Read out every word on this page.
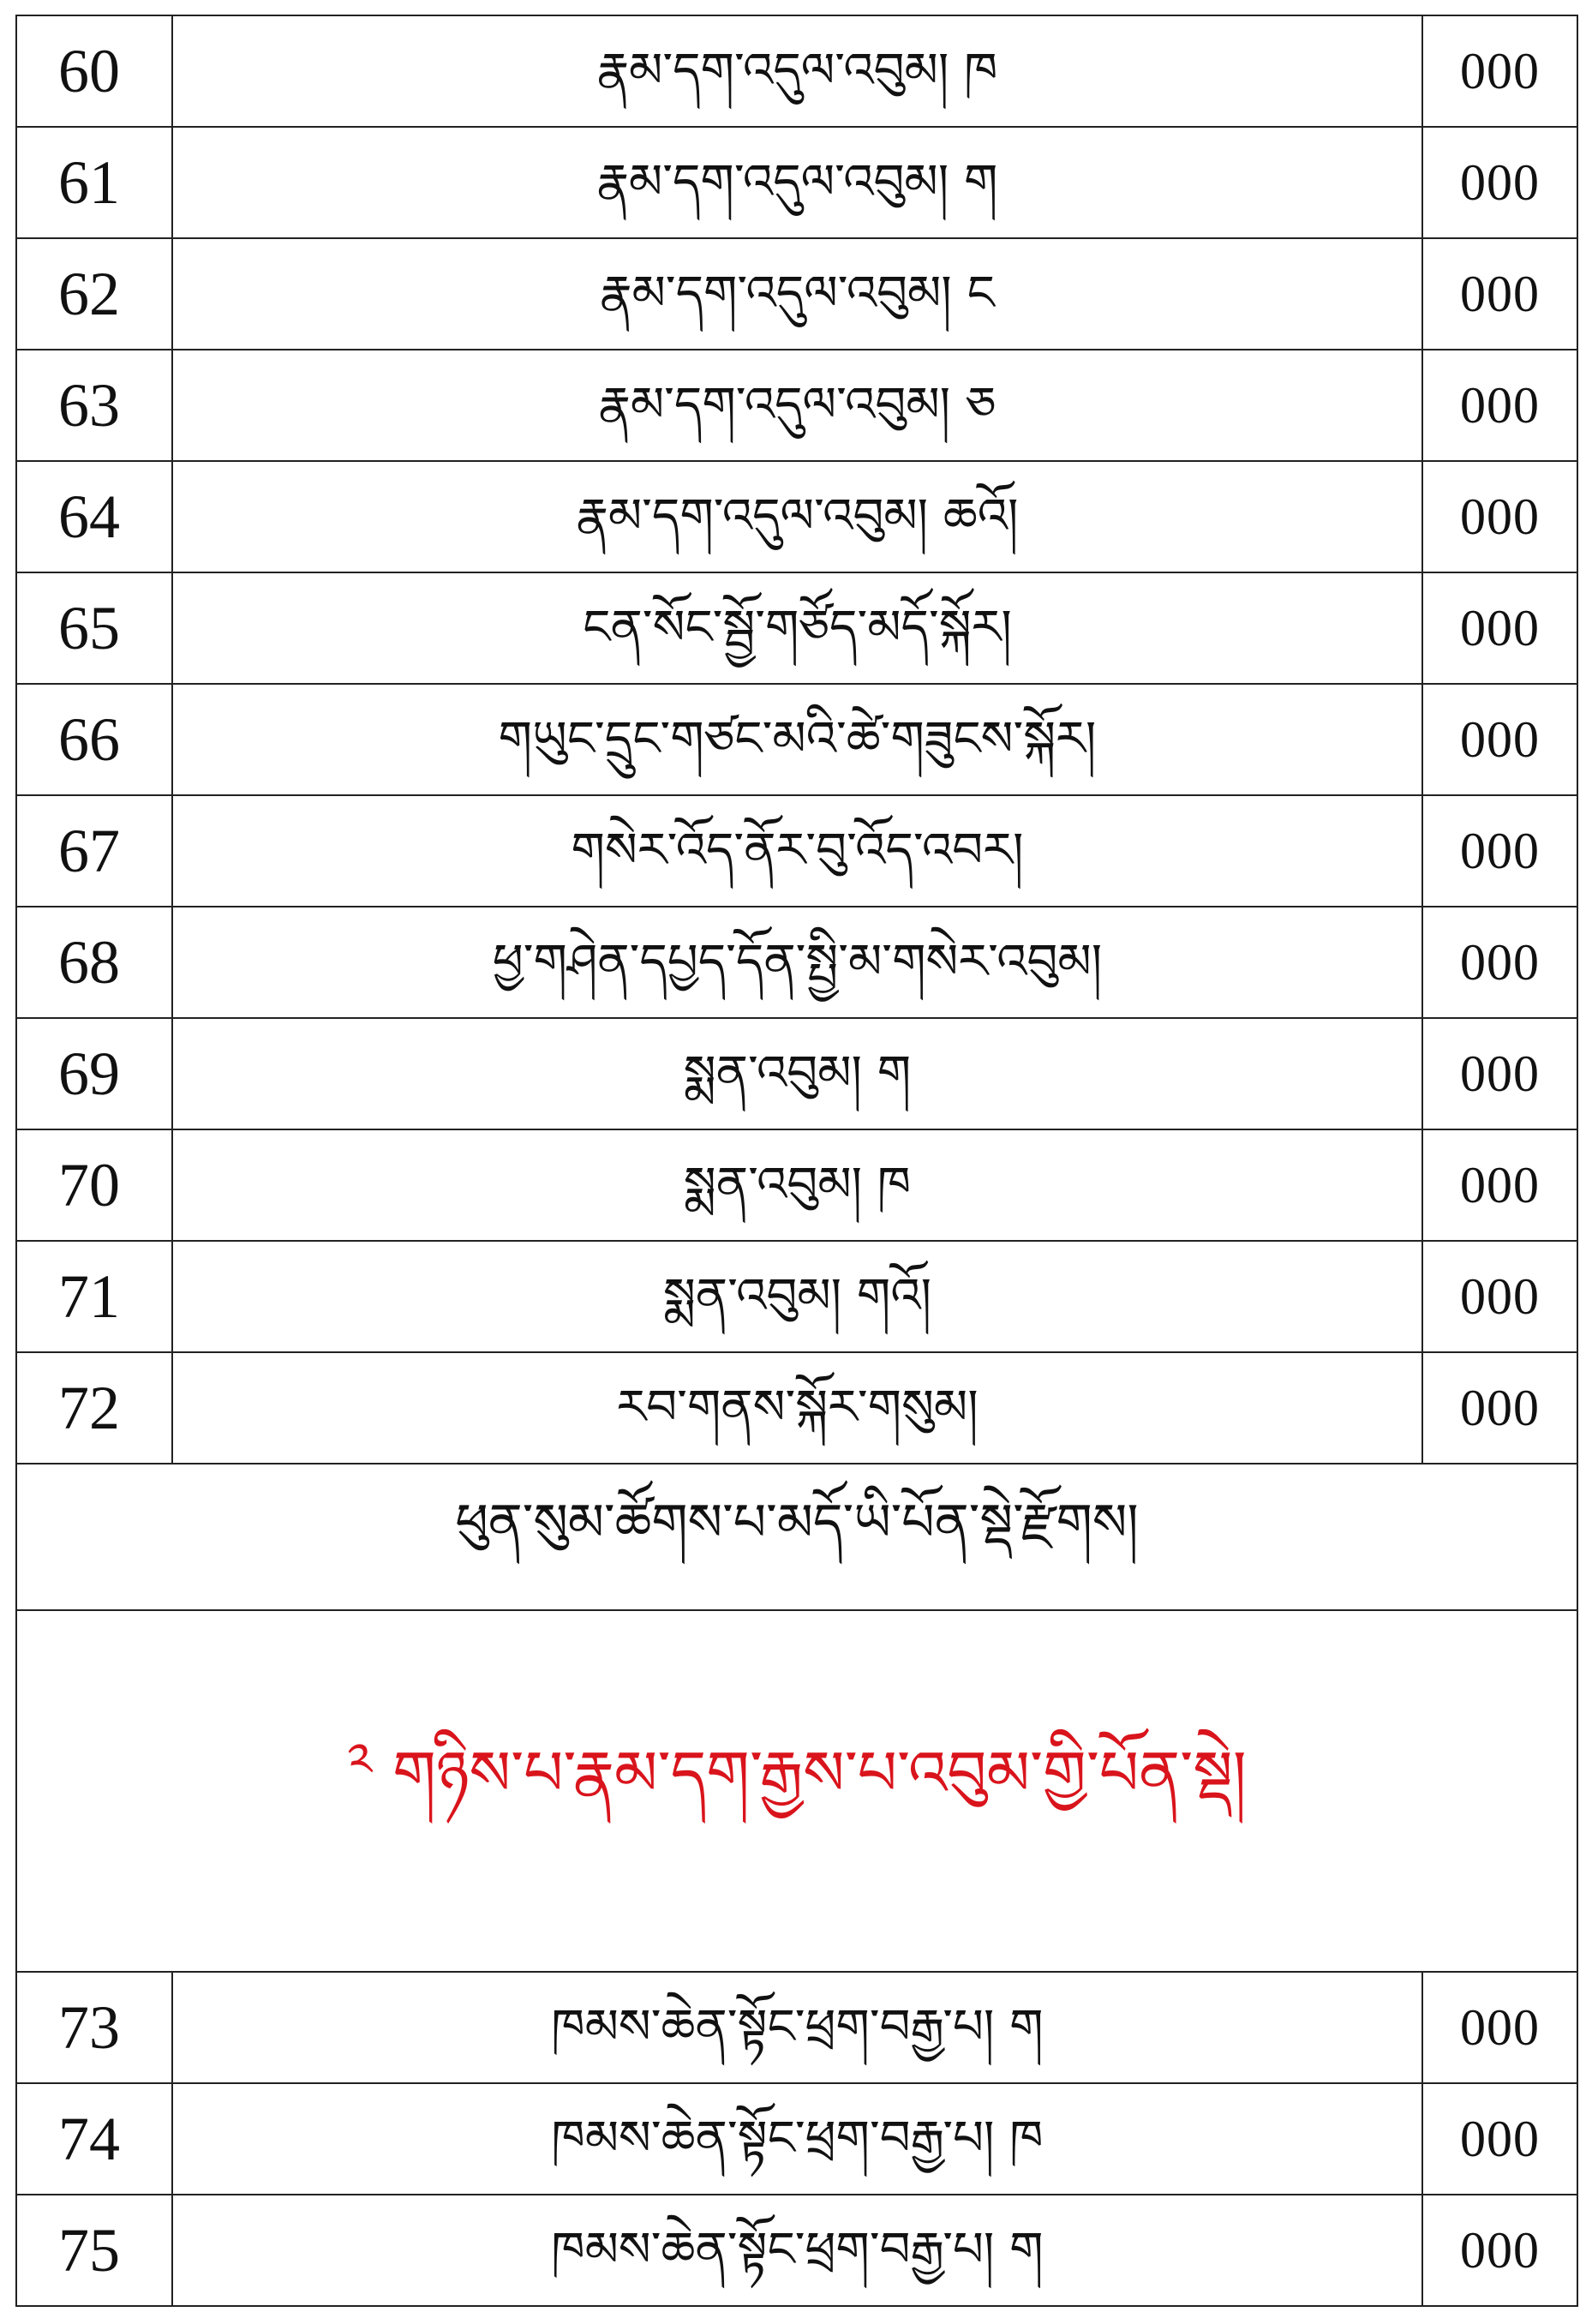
60	རྣམ་དག་འདུལ་འབུམ། ཁ	000
61	རྣམ་དག་འདུལ་འབུམ། ག	000
62	རྣམ་དག་འདུལ་འབུམ། ང	000
63	རྣམ་དག་འདུལ་འབུམ། ཅ	000
64	རྣམ་དག་འདུལ་འབུམ། ཆའོ།	000
65	ངན་སོང་སྦྱོ་གཙོད་མདོ་སྐོར།	000
66	གཡུང་དྲུང་གཙང་མའི་ཚེ་གཟུངས་སྐོར།	000
67	གསེར་འོད་ནོར་བུ་འོད་འབར།	000
68	ཕྱ་གཤེན་དཔྱད་དོན་སྤྱི་མ་གསེར་འབུམ།	000
69	སྨན་འབུམ། ག	000
70	སྨན་འབུམ། ཁ	000
71	སྨན་འབུམ། གའོ།	000
72	རབ་གནས་སྐོར་གསུམ།	000
ཕུན་སུམ་ཚོགས་པ་མདོ་ཡི་པོན་སྡེ་རྫོགས།		
$^༢$ གཉིས་པ་རྣམ་དག་རྒྱས་པ་འབུམ་གྱི་པོན་སྡེ།		
73	ཁམས་ཆེན་སྟོང་ཕྲག་བརྒྱ་པ། ག	000
74	ཁམས་ཆེན་སྟོང་ཕྲག་བརྒྱ་པ། ཁ	000
75	ཁམས་ཆེན་སྟོང་ཕྲག་བརྒྱ་པ། ག	000
